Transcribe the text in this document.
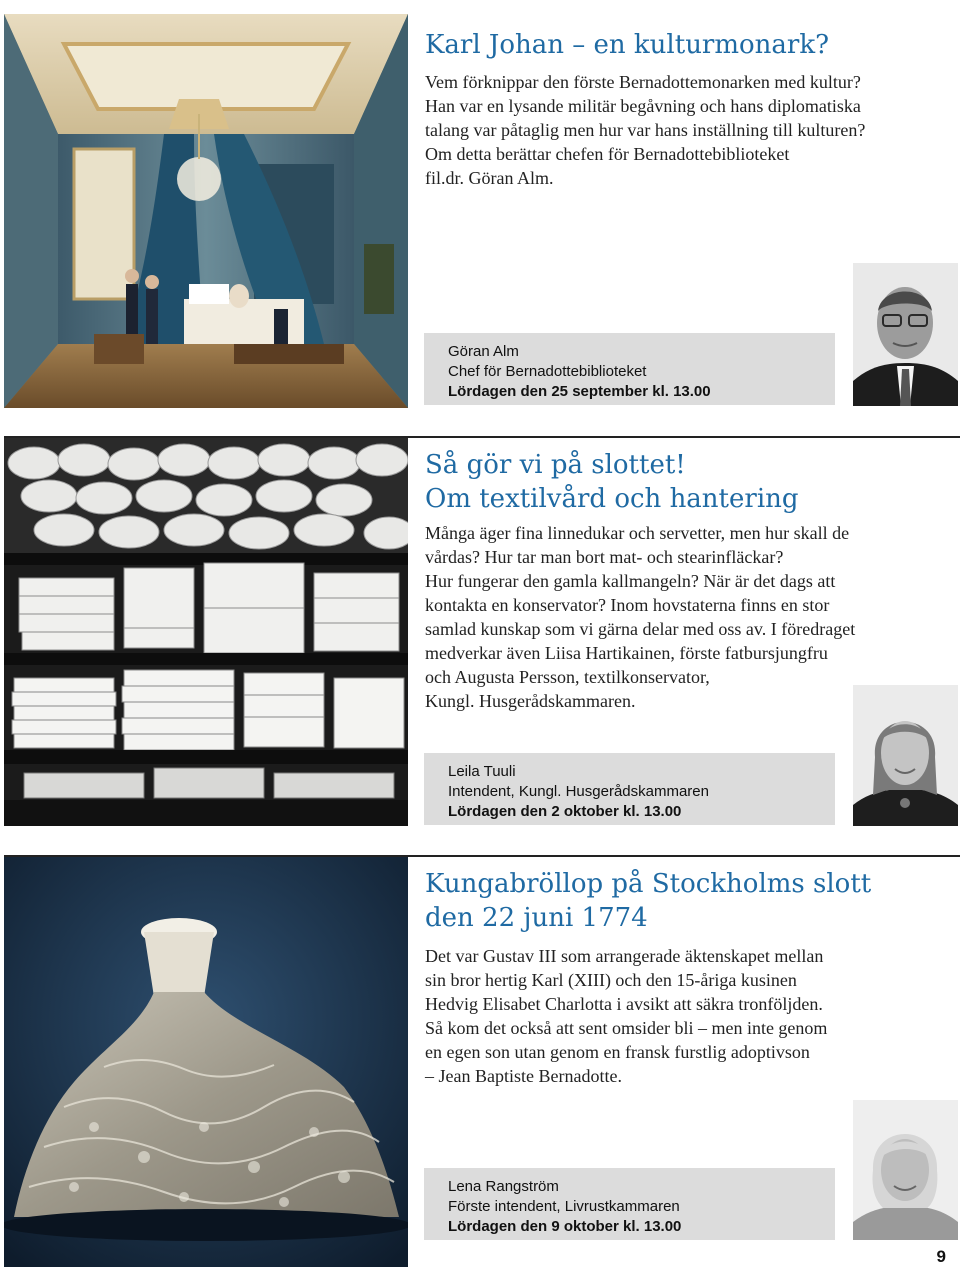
Karl Johan – en kulturmonark?
Vem förknippar den förste Bernadottemonarken med kultur?
Han var en lysande militär begåvning och hans diplomatiska
talang var påtaglig men hur var hans inställning till kulturen?
Om detta berättar chefen för Bernadottebiblioteket
fil.dr. Göran Alm.
Göran Alm
Chef för Bernadottebiblioteket
Lördagen den 25 september kl. 13.00
Så gör vi på slottet!
Om textilvård och hantering
Många äger fina linnedukar och servetter, men hur skall de
vårdas? Hur tar man bort mat- och stearinfläckar?
Hur fungerar den gamla kallmangeln? När är det dags att
kontakta en konservator? Inom hovstaterna finns en stor
samlad kunskap som vi gärna delar med oss av. I föredraget
medverkar även Liisa Hartikainen, förste fatbursjungfru
och Augusta Persson, textilkonservator,
Kungl. Husgerådskammaren.
Leila Tuuli
Intendent, Kungl. Husgerådskammaren
Lördagen den 2 oktober kl. 13.00
Kungabröllop på Stockholms slott
den 22 juni 1774
Det var Gustav III som arrangerade äktenskapet mellan
sin bror hertig Karl (XIII) och den 15-åriga kusinen
Hedvig Elisabet Charlotta i avsikt att säkra tronföljden.
Så kom det också att sent omsider bli – men inte genom
en egen son utan genom en fransk furstlig adoptivson
– Jean Baptiste Bernadotte.
Lena Rangström
Förste intendent, Livrustkammaren
Lördagen den 9 oktober kl. 13.00
9
